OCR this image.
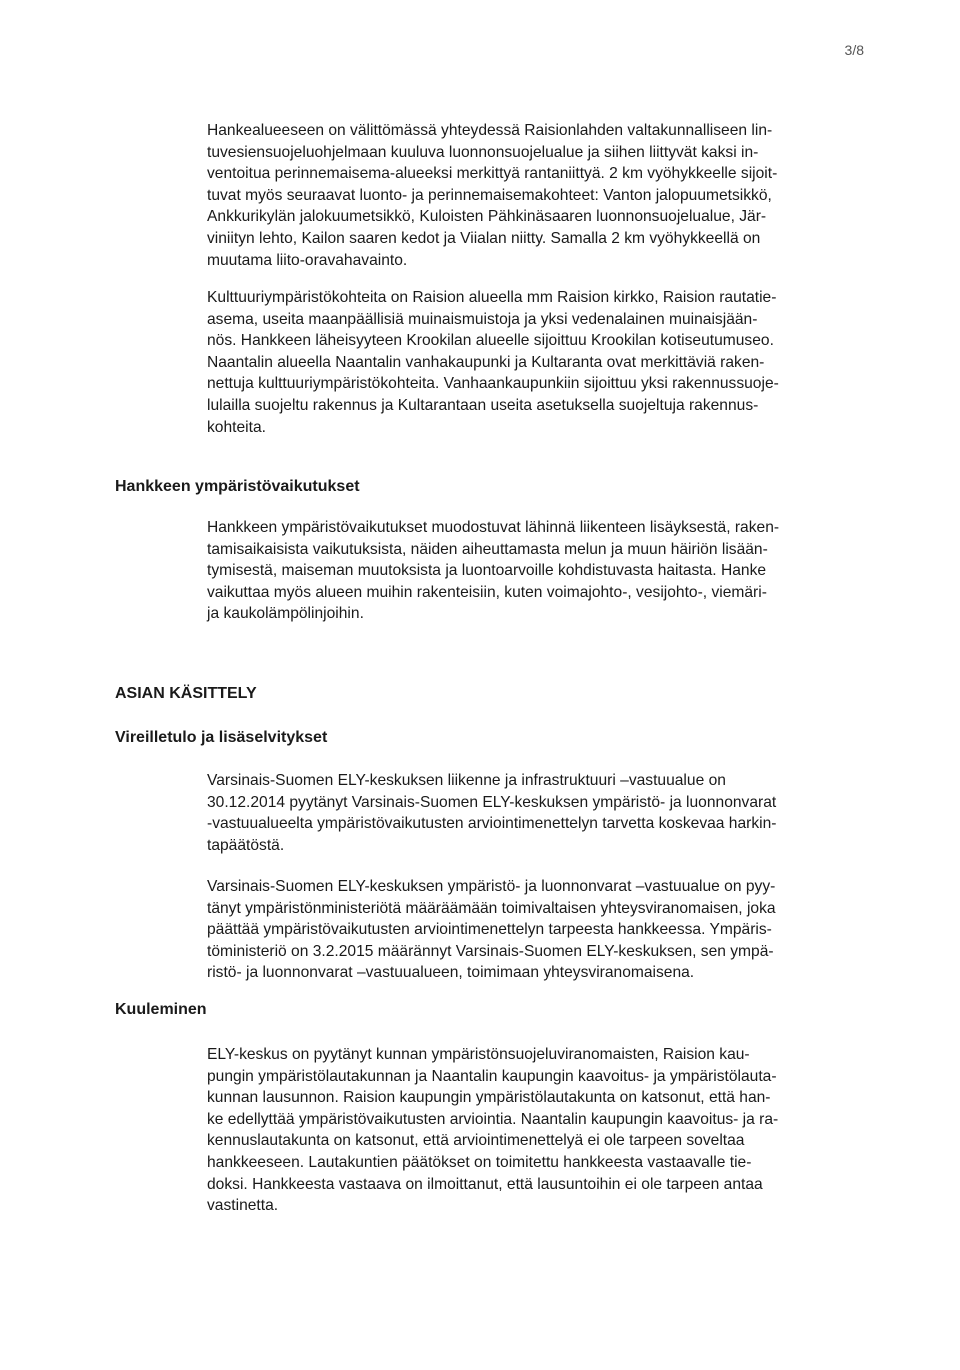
3/8
Hankealueeseen on välittömässä yhteydessä Raisionlahden valtakunnalliseen lin-
tuvesiensuojeluohjelmaan kuuluva luonnonsuojelualue ja siihen liittyvät kaksi in-
ventoitua perinnemaisema-alueeksi merkittyä rantaniittyä. 2 km vyöhykkeelle sijoit-
tuvat myös seuraavat luonto- ja perinnemaisemakohteet: Vanton jalopuumetsikkö,
Ankkurikylän jalokuumetsikkö, Kuloisten Pähkinäsaaren luonnonsuojelualue, Jär-
viniityn lehto, Kailon saaren kedot ja Viialan niitty. Samalla 2 km vyöhykkeellä on
muutama liito-oravahavainto.
Kulttuuriympäristökohteita on Raision alueella mm Raision kirkko, Raision rautatie-
asema, useita maanpäällisiä muinaismuistoja ja yksi vedenalainen muinaisjään-
nös. Hankkeen läheisyyteen Krookilan alueelle sijoittuu Krookilan kotiseutumuseo.
Naantalin alueella Naantalin vanhakaupunki ja Kultaranta ovat merkittäviä raken-
nettuja kulttuuriympäristökohteita. Vanhaankaupunkiin sijoittuu yksi rakennussuoje-
lulailla suojeltu rakennus ja Kultarantaan useita asetuksella suojeltuja rakennus-
kohteita.
Hankkeen ympäristövaikutukset
Hankkeen ympäristövaikutukset muodostuvat lähinnä liikenteen lisäyksestä, raken-
tamisaikaisista vaikutuksista, näiden aiheuttamasta melun ja muun häiriön lisään-
tymisestä, maiseman muutoksista ja luontoarvoille kohdistuvasta haitasta. Hanke
vaikuttaa myös alueen muihin rakenteisiin, kuten voimajohto-, vesijohto-, viemäri-
ja kaukolämpölinjoihin.
ASIAN KÄSITTELY
Vireilletulo ja lisäselvitykset
Varsinais-Suomen ELY-keskuksen liikenne ja infrastruktuuri –vastuualue on
30.12.2014 pyytänyt Varsinais-Suomen ELY-keskuksen ympäristö- ja luonnonvarat
-vastuualueelta ympäristövaikutusten arviointimenettelyn tarvetta koskevaa harkin-
tapäätöstä.
Varsinais-Suomen ELY-keskuksen ympäristö- ja luonnonvarat –vastuualue on pyy-
tänyt ympäristönministeriötä määräämään toimivaltaisen yhteysviranomaisen, joka
päättää ympäristövaikutusten arviointimenettelyn tarpeesta hankkeessa. Ympäris-
töministeriö on 3.2.2015 määrännyt Varsinais-Suomen ELY-keskuksen, sen ympä-
ristö- ja luonnonvarat –vastuualueen, toimimaan yhteysviranomaisena.
Kuuleminen
ELY-keskus on pyytänyt kunnan ympäristönsuojeluviranomaisten, Raision kau-
pungin ympäristölautakunnan ja Naantalin kaupungin kaavoitus- ja ympäristölauta-
kunnan lausunnon. Raision kaupungin ympäristölautakunta on katsonut, että han-
ke edellyttää ympäristövaikutusten arviointia. Naantalin kaupungin kaavoitus- ja ra-
kennuslautakunta on katsonut, että arviointimenettelyä ei ole tarpeen soveltaa
hankkeeseen. Lautakuntien päätökset on toimitettu hankkeesta vastaavalle tie-
doksi. Hankkeesta vastaava on ilmoittanut, että lausuntoihin ei ole tarpeen antaa
vastinetta.
